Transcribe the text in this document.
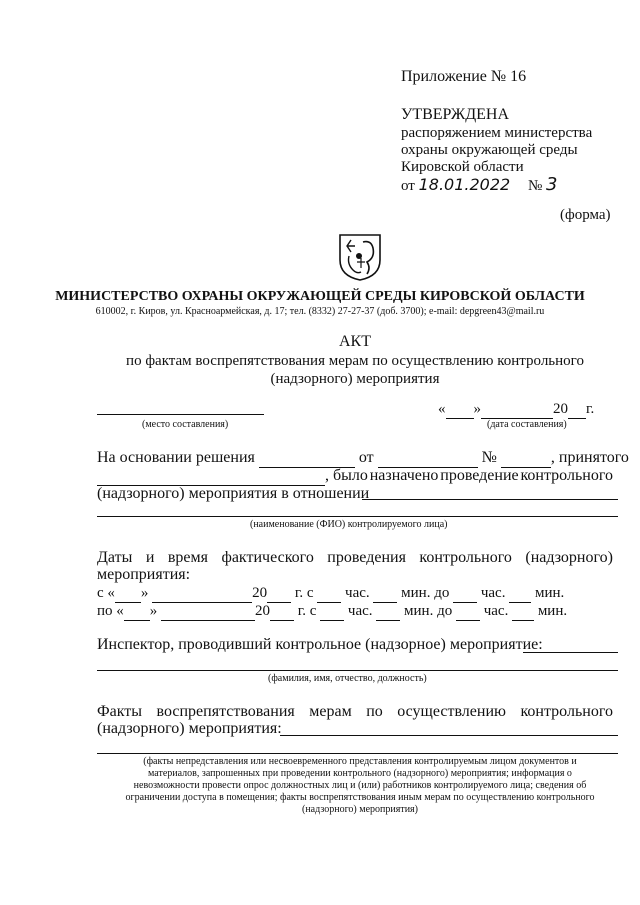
Приложение № 16
УТВЕРЖДЕНА
распоряжением министерства
охраны окружающей среды
Кировской области
от 18.01.2022 № 3
(форма)
МИНИСТЕРСТВО ОХРАНЫ ОКРУЖАЮЩЕЙ СРЕДЫ КИРОВСКОЙ ОБЛАСТИ
610002, г. Киров, ул. Красноармейская, д. 17; тел. (8332) 27-27-37 (доб. 3700); e-mail: depgreen43@mail.ru
АКТ
по фактам воспрепятствования мерам по осуществлению контрольного
(надзорного) мероприятия
(место составления)
« »	20 г.
(дата составления)
На основании решения	от	№	, принятого
, было назначено проведение контрольного
(надзорного) мероприятия в отношении
(наименование (ФИО) контролируемого лица)
Даты и время фактического проведения контрольного (надзорного)
мероприятия:
с « »	20 г. с час. мин. до час. мин.
по « »	20 г. с час. мин. до час. мин.
Инспектор, проводивший контрольное (надзорное) мероприятие:
(фамилия, имя, отчество, должность)
Факты воспрепятствования мерам по осуществлению контрольного
(надзорного) мероприятия:
(факты непредставления или несвоевременного представления контролируемым лицом документов и
материалов, запрошенных при проведении контрольного (надзорного) мероприятия; информация о
невозможности провести опрос должностных лиц и (или) работников контролируемого лица; сведения об
ограничении доступа в помещения; факты воспрепятствования иным мерам по осуществлению контрольного
(надзорного) мероприятия)
